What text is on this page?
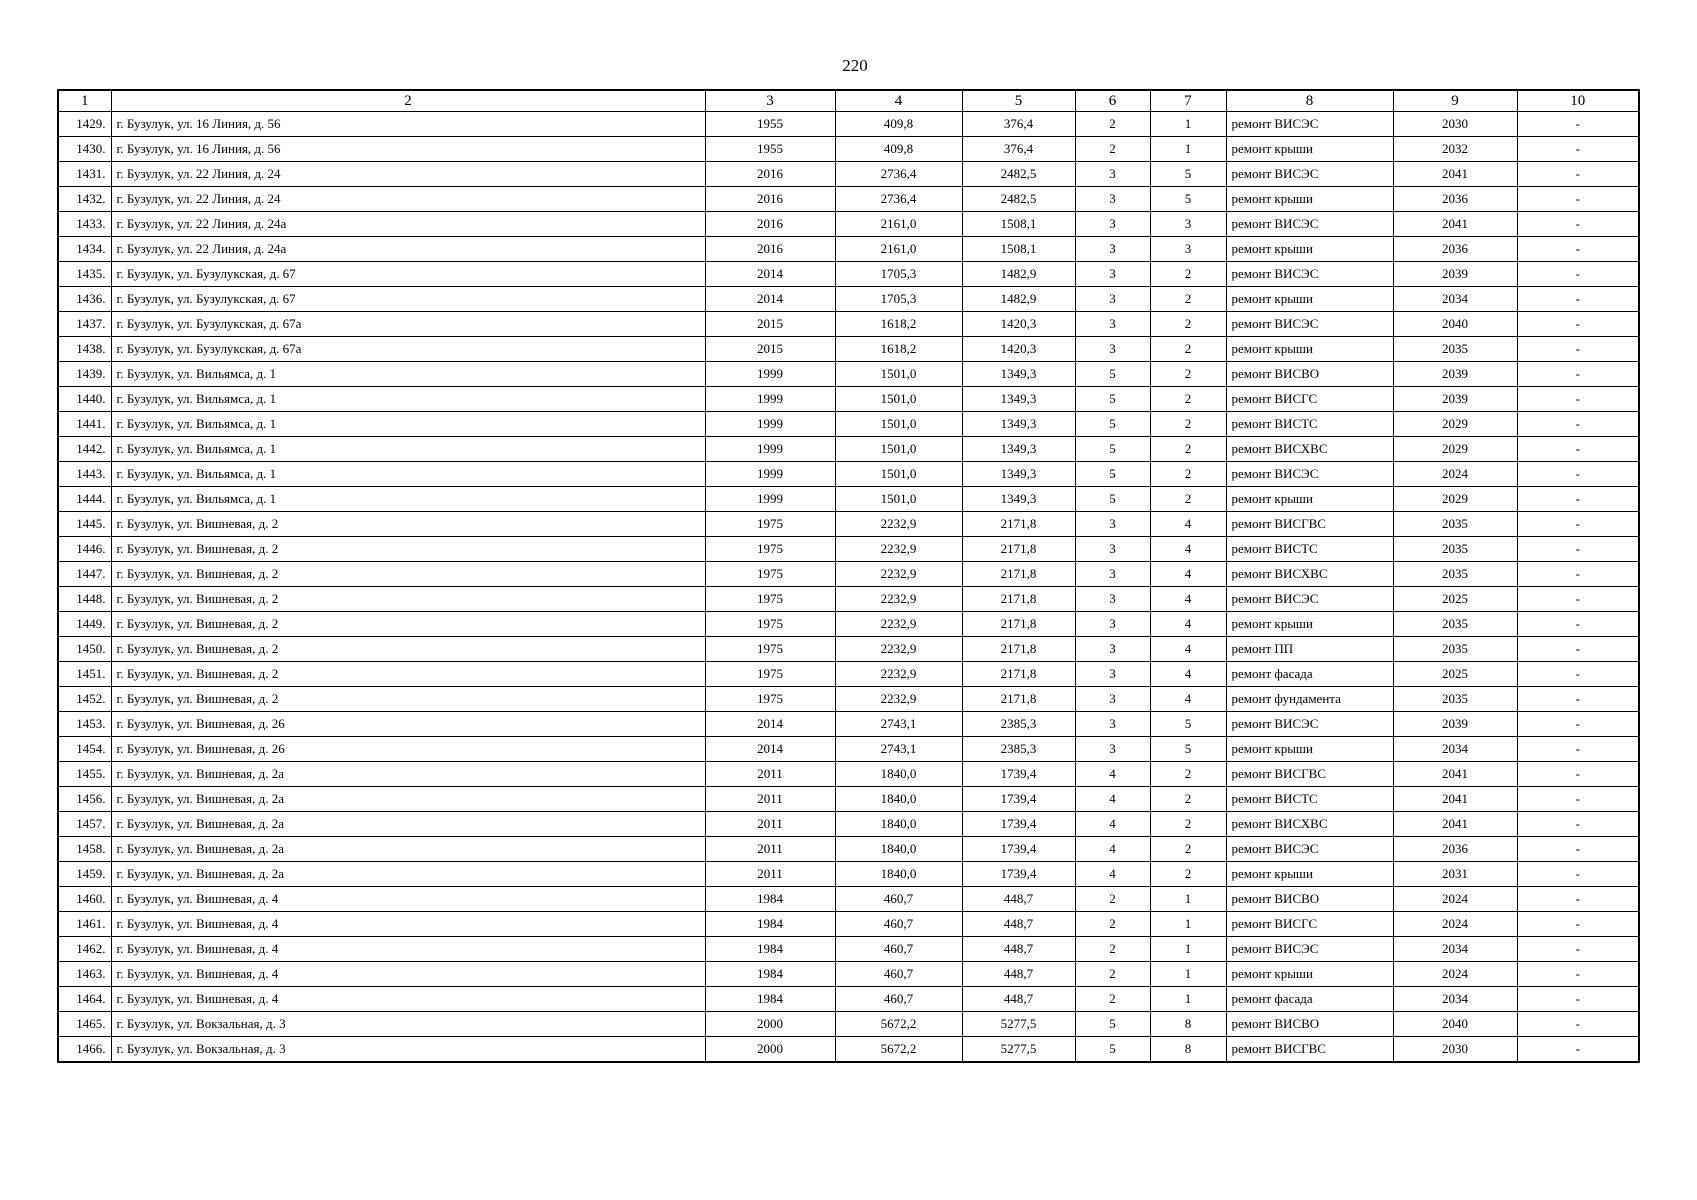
220
1	2	3	4	5	6	7	8	9	10
1429.	г. Бузулук, ул. 16 Линия, д. 56	1955	409,8	376,4	2	1	ремонт ВИСЭС	2030	-
1430.	г. Бузулук, ул. 16 Линия, д. 56	1955	409,8	376,4	2	1	ремонт крыши	2032	-
1431.	г. Бузулук, ул. 22 Линия, д. 24	2016	2736,4	2482,5	3	5	ремонт ВИСЭС	2041	-
1432.	г. Бузулук, ул. 22 Линия, д. 24	2016	2736,4	2482,5	3	5	ремонт крыши	2036	-
1433.	г. Бузулук, ул. 22 Линия, д. 24а	2016	2161,0	1508,1	3	3	ремонт ВИСЭС	2041	-
1434.	г. Бузулук, ул. 22 Линия, д. 24а	2016	2161,0	1508,1	3	3	ремонт крыши	2036	-
1435.	г. Бузулук, ул. Бузулукская, д. 67	2014	1705,3	1482,9	3	2	ремонт ВИСЭС	2039	-
1436.	г. Бузулук, ул. Бузулукская, д. 67	2014	1705,3	1482,9	3	2	ремонт крыши	2034	-
1437.	г. Бузулук, ул. Бузулукская, д. 67а	2015	1618,2	1420,3	3	2	ремонт ВИСЭС	2040	-
1438.	г. Бузулук, ул. Бузулукская, д. 67а	2015	1618,2	1420,3	3	2	ремонт крыши	2035	-
1439.	г. Бузулук, ул. Вильямса, д. 1	1999	1501,0	1349,3	5	2	ремонт ВИСВО	2039	-
1440.	г. Бузулук, ул. Вильямса, д. 1	1999	1501,0	1349,3	5	2	ремонт ВИСГС	2039	-
1441.	г. Бузулук, ул. Вильямса, д. 1	1999	1501,0	1349,3	5	2	ремонт ВИСТС	2029	-
1442.	г. Бузулук, ул. Вильямса, д. 1	1999	1501,0	1349,3	5	2	ремонт ВИСХВС	2029	-
1443.	г. Бузулук, ул. Вильямса, д. 1	1999	1501,0	1349,3	5	2	ремонт ВИСЭС	2024	-
1444.	г. Бузулук, ул. Вильямса, д. 1	1999	1501,0	1349,3	5	2	ремонт крыши	2029	-
1445.	г. Бузулук, ул. Вишневая, д. 2	1975	2232,9	2171,8	3	4	ремонт ВИСГВС	2035	-
1446.	г. Бузулук, ул. Вишневая, д. 2	1975	2232,9	2171,8	3	4	ремонт ВИСТС	2035	-
1447.	г. Бузулук, ул. Вишневая, д. 2	1975	2232,9	2171,8	3	4	ремонт ВИСХВС	2035	-
1448.	г. Бузулук, ул. Вишневая, д. 2	1975	2232,9	2171,8	3	4	ремонт ВИСЭС	2025	-
1449.	г. Бузулук, ул. Вишневая, д. 2	1975	2232,9	2171,8	3	4	ремонт крыши	2035	-
1450.	г. Бузулук, ул. Вишневая, д. 2	1975	2232,9	2171,8	3	4	ремонт ПП	2035	-
1451.	г. Бузулук, ул. Вишневая, д. 2	1975	2232,9	2171,8	3	4	ремонт фасада	2025	-
1452.	г. Бузулук, ул. Вишневая, д. 2	1975	2232,9	2171,8	3	4	ремонт фундамента	2035	-
1453.	г. Бузулук, ул. Вишневая, д. 26	2014	2743,1	2385,3	3	5	ремонт ВИСЭС	2039	-
1454.	г. Бузулук, ул. Вишневая, д. 26	2014	2743,1	2385,3	3	5	ремонт крыши	2034	-
1455.	г. Бузулук, ул. Вишневая, д. 2а	2011	1840,0	1739,4	4	2	ремонт ВИСГВС	2041	-
1456.	г. Бузулук, ул. Вишневая, д. 2а	2011	1840,0	1739,4	4	2	ремонт ВИСТС	2041	-
1457.	г. Бузулук, ул. Вишневая, д. 2а	2011	1840,0	1739,4	4	2	ремонт ВИСХВС	2041	-
1458.	г. Бузулук, ул. Вишневая, д. 2а	2011	1840,0	1739,4	4	2	ремонт ВИСЭС	2036	-
1459.	г. Бузулук, ул. Вишневая, д. 2а	2011	1840,0	1739,4	4	2	ремонт крыши	2031	-
1460.	г. Бузулук, ул. Вишневая, д. 4	1984	460,7	448,7	2	1	ремонт ВИСВО	2024	-
1461.	г. Бузулук, ул. Вишневая, д. 4	1984	460,7	448,7	2	1	ремонт ВИСГС	2024	-
1462.	г. Бузулук, ул. Вишневая, д. 4	1984	460,7	448,7	2	1	ремонт ВИСЭС	2034	-
1463.	г. Бузулук, ул. Вишневая, д. 4	1984	460,7	448,7	2	1	ремонт крыши	2024	-
1464.	г. Бузулук, ул. Вишневая, д. 4	1984	460,7	448,7	2	1	ремонт фасада	2034	-
1465.	г. Бузулук, ул. Вокзальная, д. 3	2000	5672,2	5277,5	5	8	ремонт ВИСВО	2040	-
1466.	г. Бузулук, ул. Вокзальная, д. 3	2000	5672,2	5277,5	5	8	ремонт ВИСГВС	2030	-
